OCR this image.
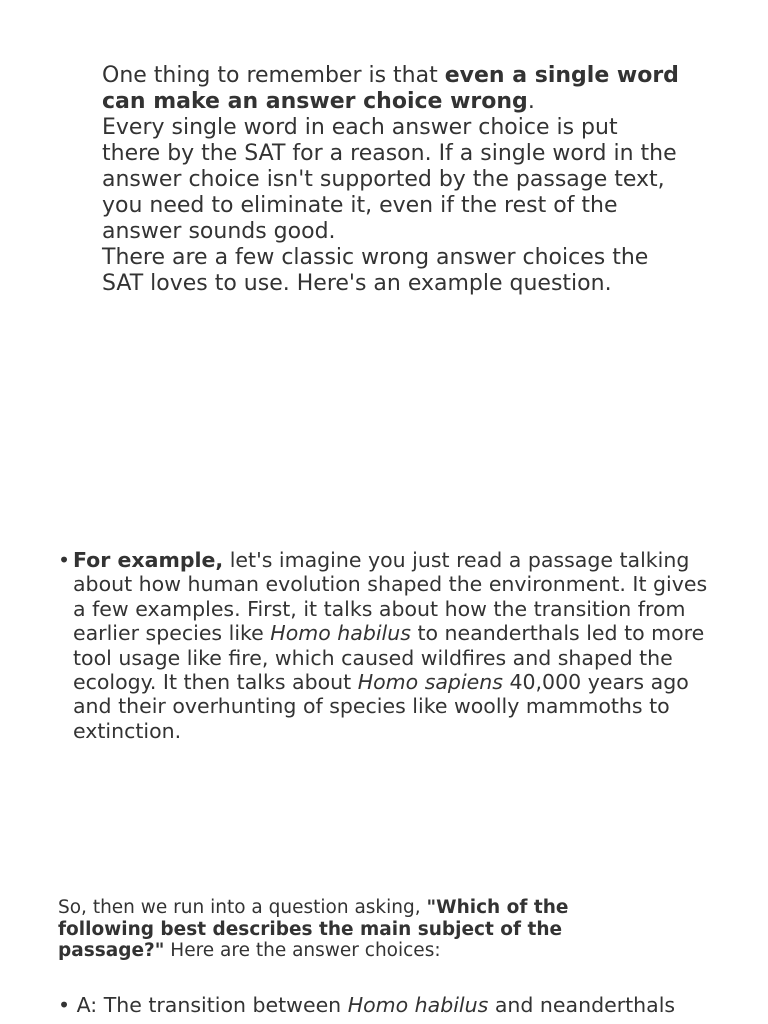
One thing to remember is that even a single word can make an answer choice wrong.

Every single word in each answer choice is put there by the SAT for a reason. If a single word in the answer choice isn't supported by the passage text, you need to eliminate it, even if the rest of the answer sounds good.

There are a few classic wrong answer choices the SAT loves to use. Here's an example question.

• For example, let's imagine you just read a passage talking about how human evolution shaped the environment. It gives a few examples. First, it talks about how the transition from earlier species like Homo habilus to neanderthals led to more tool usage like fire, which caused wildfires and shaped the ecology. It then talks about Homo sapiens 40,000 years ago and their overhunting of species like woolly mammoths to extinction.

So, then we run into a question asking, "Which of the following best describes the main subject of the passage?" Here are the answer choices:

• A: The transition between Homo habilus and neanderthals
